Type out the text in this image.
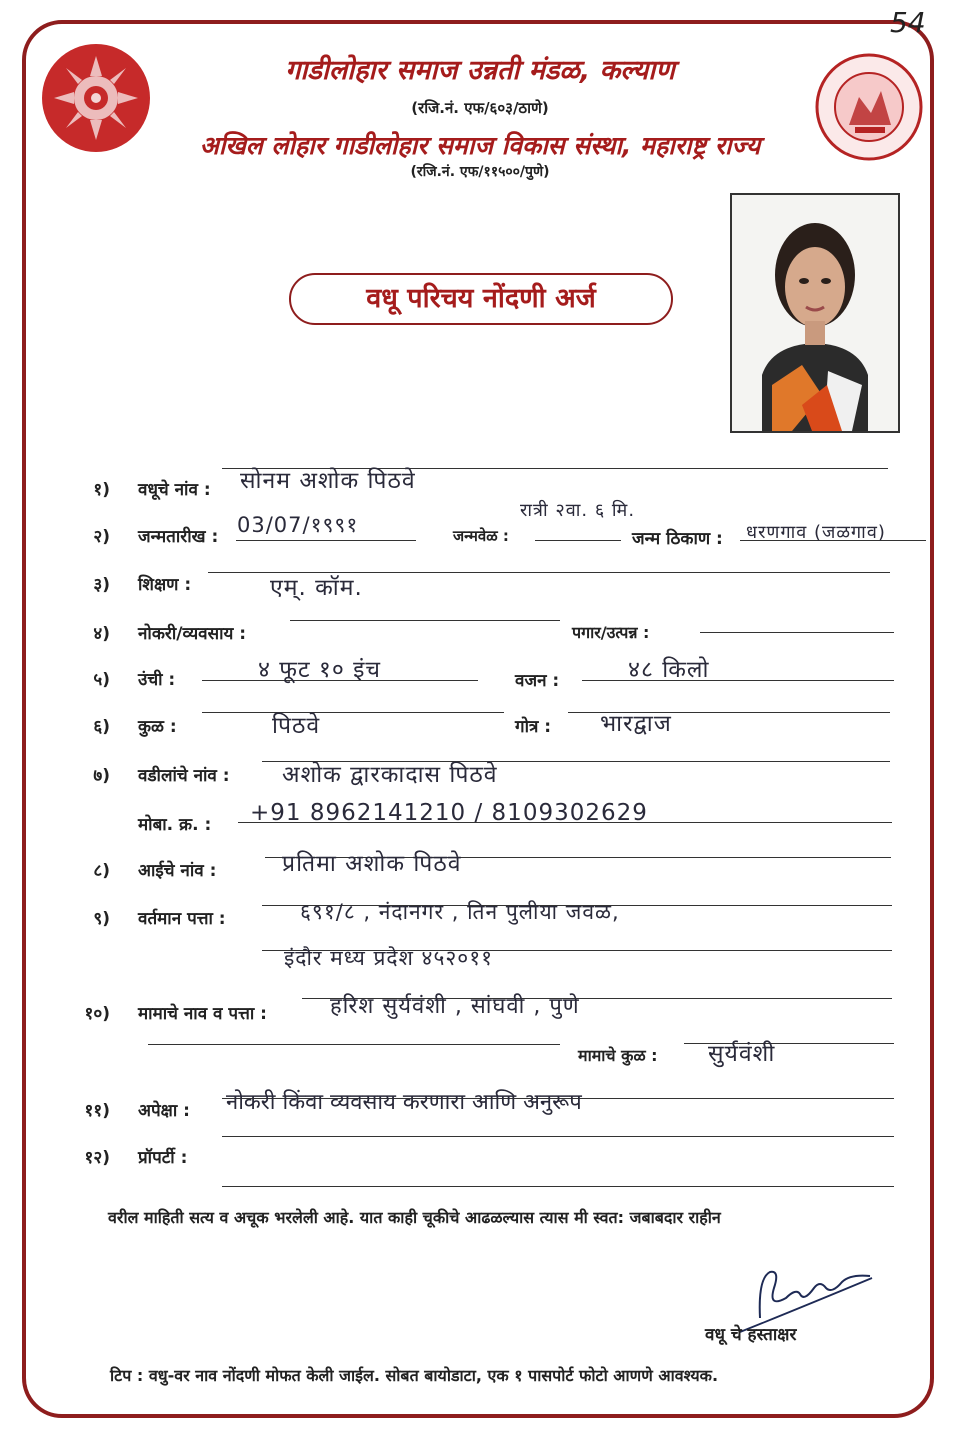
54
गाडीलोहार समाज उन्नती मंडळ, कल्याण
(रजि.नं. एफ/६०३/ठाणे)
अखिल लोहार गाडीलोहार समाज विकास संस्था, महाराष्ट्र राज्य
(रजि.नं. एफ/११५००/पुणे)
वधू परिचय नोंदणी अर्ज
१) वधूचे नांव : सोनम अशोक पिठवे
२) जन्मतारीख : 03/07/१९९१	जन्मवेळ :
रात्री २वा. ६ मि.
जन्म ठिकाण : धरणगाव (जळगाव)
३) शिक्षण :	एम्. कॉम.
४) नोकरी/व्यवसाय :	पगार/उत्पन्न :
५) उंची :	४ फूट १० इंच	वजन :	४८ किलो
६) कुळ :	पिठवे	गोत्र : भारद्वाज
७) वडीलांचे नांव : अशोक द्वारकादास पिठवे
मोबा. क्र. : +91 8962141210 / 8109302629
८) आईचे नांव :	प्रतिमा अशोक पिठवे
९) वर्तमान पत्ता :	६९१/८ , नंदानगर , तिन पुलीया जवळ,
इंदौर मध्य प्रदेश ४५२०११
१०) मामाचे नाव व पत्ता :	हरिश सुर्यवंशी , सांघवी , पुणे
मामाचे कुळ : सुर्यवंशी
११) अपेक्षा : नोकरी किंवा व्यवसाय करणारा आणि अनुरूप
१२) प्रॉपर्टी :
वरील माहिती सत्य व अचूक भरलेली आहे. यात काही चूकीचे आढळल्यास त्यास मी स्वत: जबाबदार राहीन
वधू चे हस्ताक्षर
टिप : वधु-वर नाव नोंदणी मोफत केली जाईल. सोबत बायोडाटा, एक १ पासपोर्ट फोटो आणणे आवश्यक.
